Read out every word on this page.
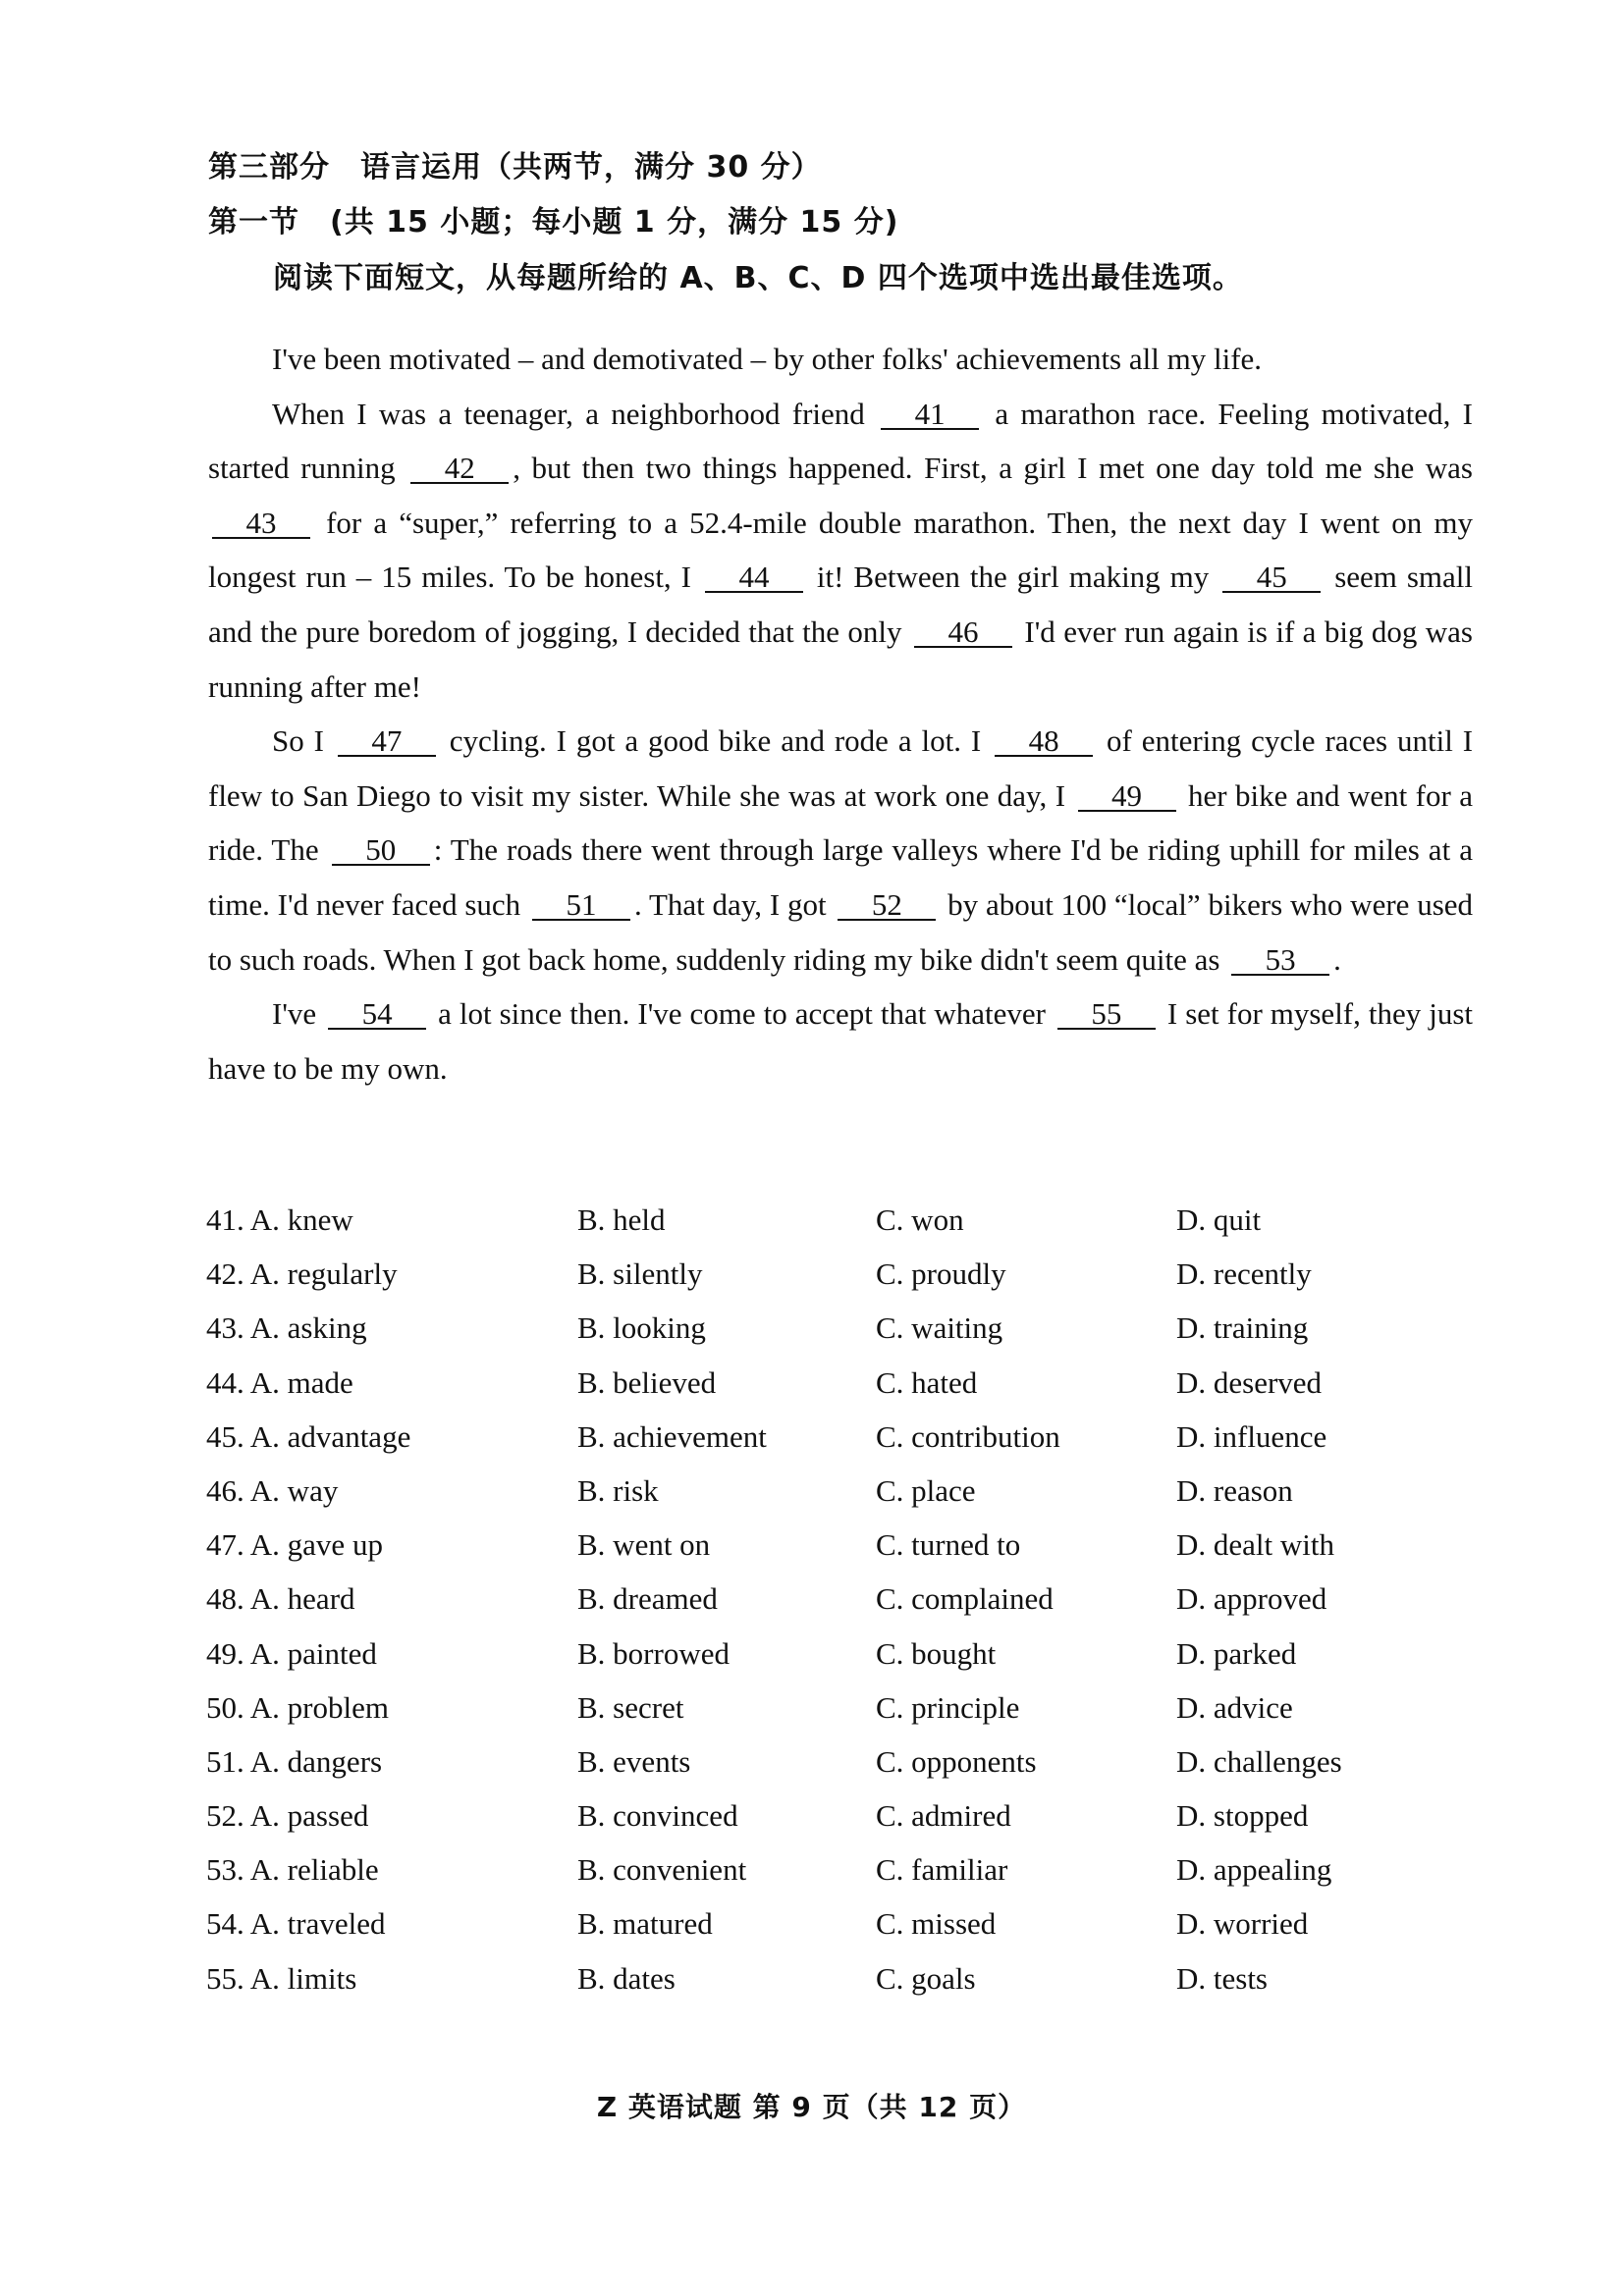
第三部分　语言运用（共两节，满分 30 分）
第一节　(共 15 小题；每小题 1 分，满分 15 分)
阅读下面短文，从每题所给的 A、B、C、D 四个选项中选出最佳选项。

I've been motivated – and demotivated – by other folks' achievements all my life.

When I was a teenager, a neighborhood friend 41 a marathon race. Feeling motivated, I started running 42 , but then two things happened. First, a girl I met one day told me she was 43 for a “super,” referring to a 52.4-mile double marathon. Then, the next day I went on my longest run – 15 miles. To be honest, I 44 it! Between the girl making my 45 seem small and the pure boredom of jogging, I decided that the only 46 I'd ever run again is if a big dog was running after me!

So I 47 cycling. I got a good bike and rode a lot. I 48 of entering cycle races until I flew to San Diego to visit my sister. While she was at work one day, I 49 her bike and went for a ride. The 50 : The roads there went through large valleys where I'd be riding uphill for miles at a time. I'd never faced such 51 . That day, I got 52 by about 100 “local” bikers who were used to such roads. When I got back home, suddenly riding my bike didn't seem quite as 53 .

I've 54 a lot since then. I've come to accept that whatever 55 I set for myself, they just have to be my own.

41. A. knew	B. held	C. won	D. quit
42. A. regularly	B. silently	C. proudly	D. recently
43. A. asking	B. looking	C. waiting	D. training
44. A. made	B. believed	C. hated	D. deserved
45. A. advantage	B. achievement	C. contribution	D. influence
46. A. way	B. risk	C. place	D. reason
47. A. gave up	B. went on	C. turned to	D. dealt with
48. A. heard	B. dreamed	C. complained	D. approved
49. A. painted	B. borrowed	C. bought	D. parked
50. A. problem	B. secret	C. principle	D. advice
51. A. dangers	B. events	C. opponents	D. challenges
52. A. passed	B. convinced	C. admired	D. stopped
53. A. reliable	B. convenient	C. familiar	D. appealing
54. A. traveled	B. matured	C. missed	D. worried
55. A. limits	B. dates	C. goals	D. tests
Z 英语试题 第 9 页（共 12 页）
